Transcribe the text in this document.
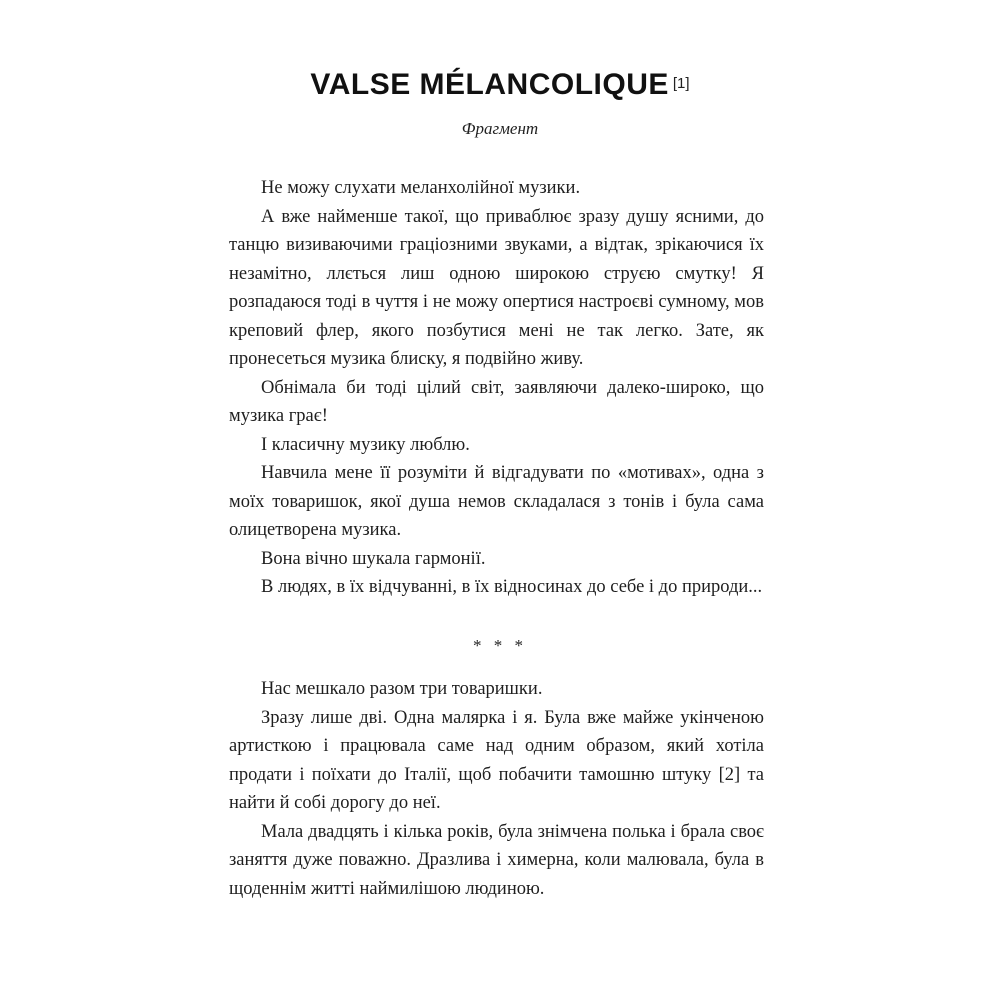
VALSE MÉLANCOLIQUE [1]
Фрагмент

Не можу слухати меланхолійної музики.

А вже найменше такої, що приваблює зразу душу ясними, до танцю визиваючими граціозними звуками, а відтак, зрікаючися їх незамітно, ллється лиш одною широкою струєю смутку! Я розпадаюся тоді в чуття і не можу опертися настроєві сумному, мов креповий флер, якого позбутися мені не так легко. Зате, як пронесеться музика блиску, я подвійно живу.

Обнімала би тоді цілий світ, заявляючи далеко-широко, що музика грає!

І класичну музику люблю.

Навчила мене її розуміти й відгадувати по «мотивах», одна з моїх товаришок, якої душа немов складалася з тонів і була сама олицетворена музика.

Вона вічно шукала гармонії.

В людях, в їх відчуванні, в їх відносинах до себе і до природи...

* * *

Нас мешкало разом три товаришки.

Зразу лише дві. Одна малярка і я. Була вже майже укінченою артисткою і працювала саме над одним образом, який хотіла продати і поїхати до Італії, щоб побачити тамошню штуку [2] та найти й собі дорогу до неї.

Мала двадцять і кілька років, була знімчена полька і брала своє заняття дуже поважно. Дразлива і химерна, коли малювала, була в щоденнім житті наймилішою людиною.
